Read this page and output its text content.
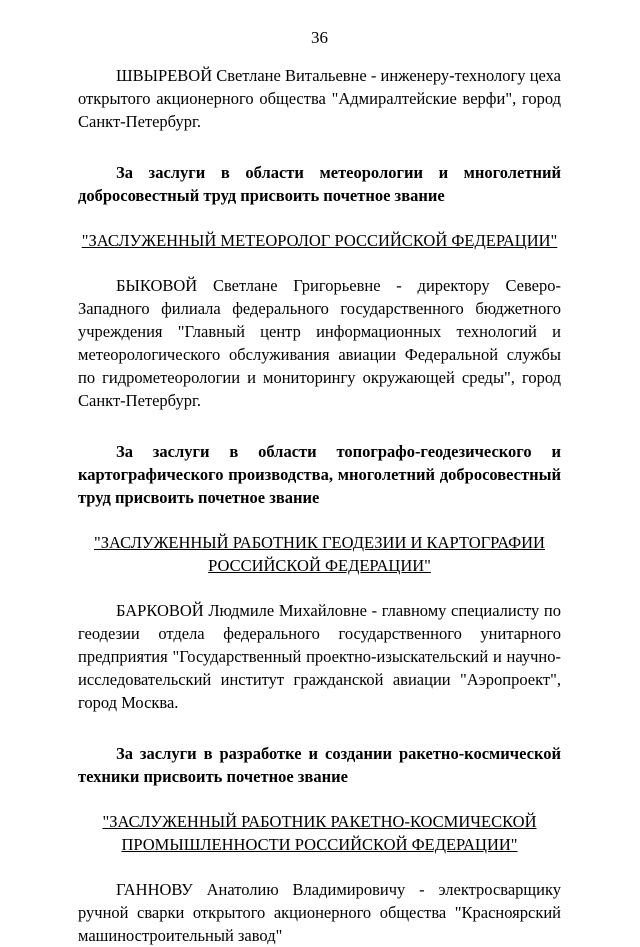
36

ШВЫРЕВОЙ Светлане Витальевне - инженеру-технологу цеха открытого акционерного общества "Адмиралтейские верфи", город Санкт-Петербург.

За заслуги в области метеорологии и многолетний добросовестный труд присвоить почетное звание

"ЗАСЛУЖЕННЫЙ МЕТЕОРОЛОГ РОССИЙСКОЙ ФЕДЕРАЦИИ"

БЫКОВОЙ Светлане Григорьевне - директору Северо-Западного филиала федерального государственного бюджетного учреждения "Главный центр информационных технологий и метеорологического обслуживания авиации Федеральной службы по гидрометеорологии и мониторингу окружающей среды", город Санкт-Петербург.

За заслуги в области топографо-геодезического и картографического производства, многолетний добросовестный труд присвоить почетное звание

"ЗАСЛУЖЕННЫЙ РАБОТНИК ГЕОДЕЗИИ И КАРТОГРАФИИ
РОССИЙСКОЙ ФЕДЕРАЦИИ"

БАРКОВОЙ Людмиле Михайловне - главному специалисту по геодезии отдела федерального государственного унитарного предприятия "Государственный проектно-изыскательский и научно-исследовательский институт гражданской авиации "Аэропроект", город Москва.

За заслуги в разработке и создании ракетно-космической техники присвоить почетное звание

"ЗАСЛУЖЕННЫЙ РАБОТНИК РАКЕТНО-КОСМИЧЕСКОЙ
ПРОМЫШЛЕННОСТИ РОССИЙСКОЙ ФЕДЕРАЦИИ"

ГАННОВУ Анатолию Владимировичу - электросварщику ручной сварки открытого акционерного общества "Красноярский машиностроительный завод"
